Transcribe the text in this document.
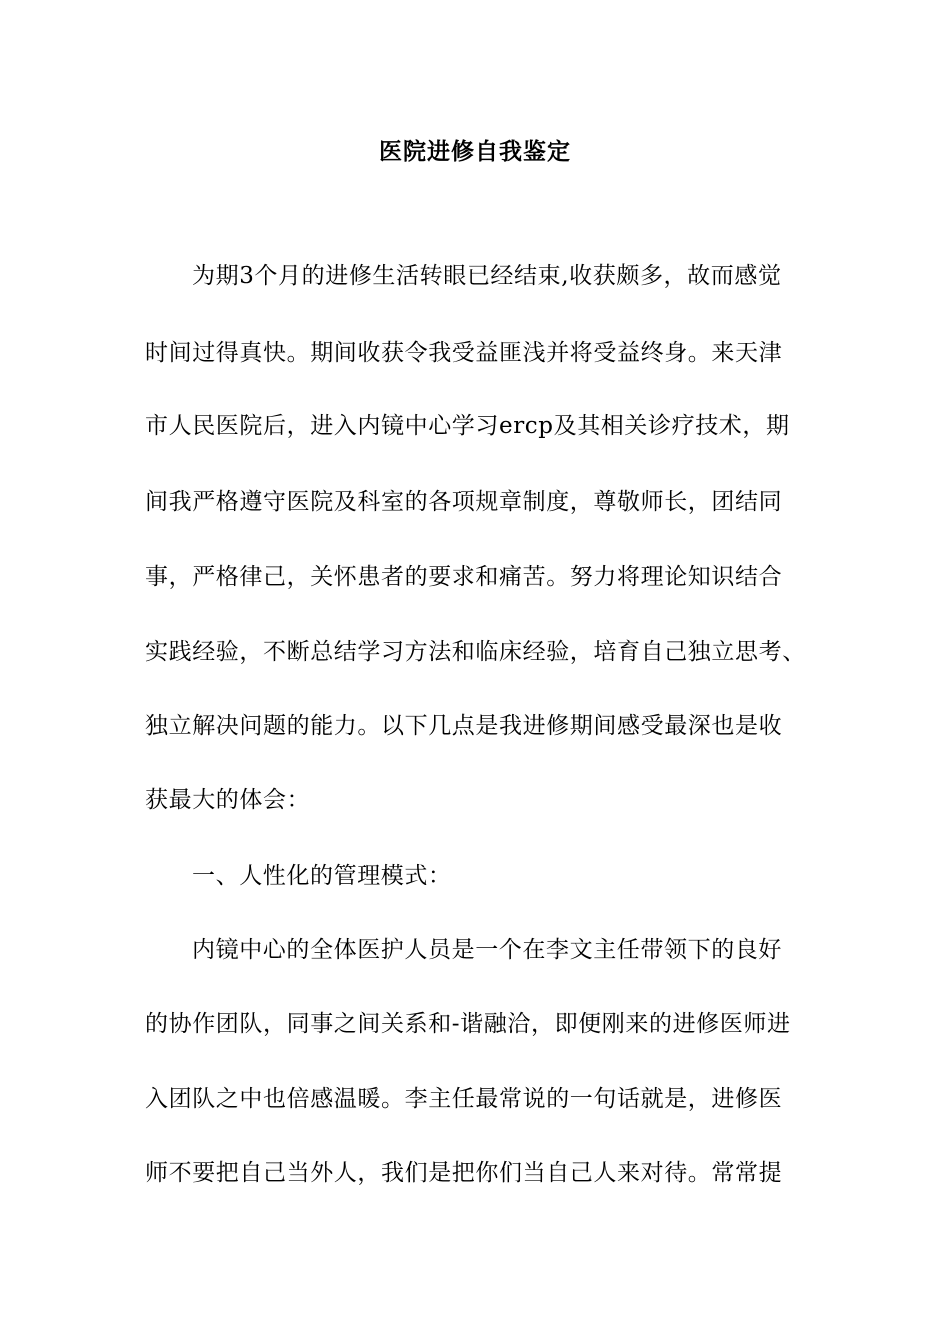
医院进修自我鉴定
为期3个月的进修生活转眼已经结束,收获颇多，故而感觉
时间过得真快。期间收获令我受益匪浅并将受益终身。来天津
市人民医院后，进入内镜中心学习ercp及其相关诊疗技术，期
间我严格遵守医院及科室的各项规章制度，尊敬师长，团结同
事，严格律己，关怀患者的要求和痛苦。努力将理论知识结合
实践经验，不断总结学习方法和临床经验，培育自己独立思考、
独立解决问题的能力。以下几点是我进修期间感受最深也是收
获最大的体会：
一、人性化的管理模式：
内镜中心的全体医护人员是一个在李文主任带领下的良好
的协作团队，同事之间关系和-谐融洽，即便刚来的进修医师进
入团队之中也倍感温暖。李主任最常说的一句话就是，进修医
师不要把自己当外人，我们是把你们当自己人来对待。常常提
